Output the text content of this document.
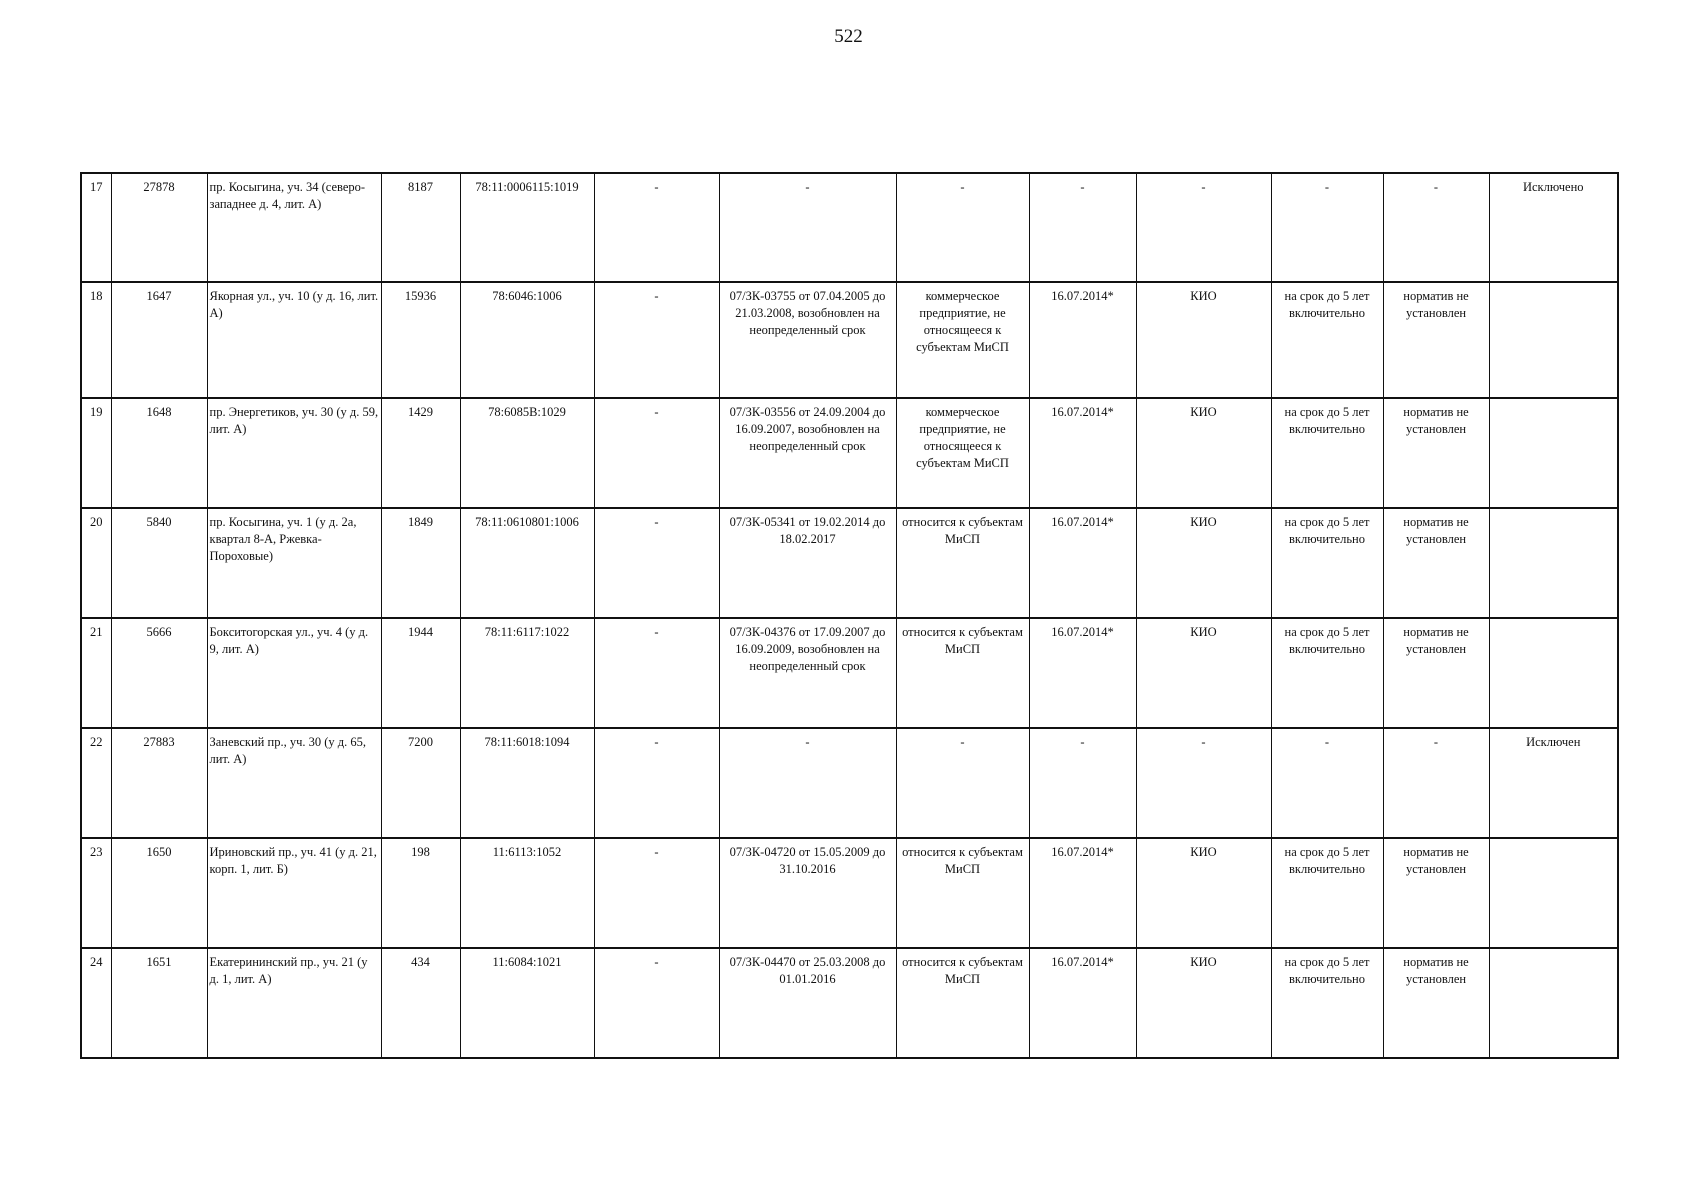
522
17	27878	пр. Косыгина, уч. 34 (северо-западнее д. 4, лит. А)	8187	78:11:0006115:1019	-	-	-	-	-	-	-	Исключено
18	1647	Якорная ул., уч. 10 (у д. 16, лит. А)	15936	78:6046:1006	-	07/ЗК-03755 от 07.04.2005 до 21.03.2008, возобновлен на неопределенный срок	коммерческое предприятие, не относящееся к субъектам МиСП	16.07.2014*	КИО	на срок до 5 лет включительно	норматив не установлен	
19	1648	пр. Энергетиков, уч. 30 (у д. 59, лит. А)	1429	78:6085В:1029	-	07/ЗК-03556 от 24.09.2004 до 16.09.2007, возобновлен на неопределенный срок	коммерческое предприятие, не относящееся к субъектам МиСП	16.07.2014*	КИО	на срок до 5 лет включительно	норматив не установлен	
20	5840	пр. Косыгина, уч. 1 (у д. 2а, квартал 8-А, Ржевка-Пороховые)	1849	78:11:0610801:1006	-	07/ЗК-05341 от 19.02.2014 до 18.02.2017	относится к субъектам МиСП	16.07.2014*	КИО	на срок до 5 лет включительно	норматив не установлен	
21	5666	Бокситогорская ул., уч. 4 (у д. 9, лит. А)	1944	78:11:6117:1022	-	07/ЗК-04376 от 17.09.2007 до 16.09.2009, возобновлен на неопределенный срок	относится к субъектам МиСП	16.07.2014*	КИО	на срок до 5 лет включительно	норматив не установлен	
22	27883	Заневский пр., уч. 30 (у д. 65, лит. А)	7200	78:11:6018:1094	-	-	-	-	-	-	-	Исключен
23	1650	Ириновский пр., уч. 41 (у д. 21, корп. 1, лит. Б)	198	11:6113:1052	-	07/ЗК-04720 от 15.05.2009 до 31.10.2016	относится к субъектам МиСП	16.07.2014*	КИО	на срок до 5 лет включительно	норматив не установлен	
24	1651	Екатерининский пр., уч. 21 (у д. 1, лит. А)	434	11:6084:1021	-	07/ЗК-04470 от 25.03.2008 до 01.01.2016	относится к субъектам МиСП	16.07.2014*	КИО	на срок до 5 лет включительно	норматив не установлен	
